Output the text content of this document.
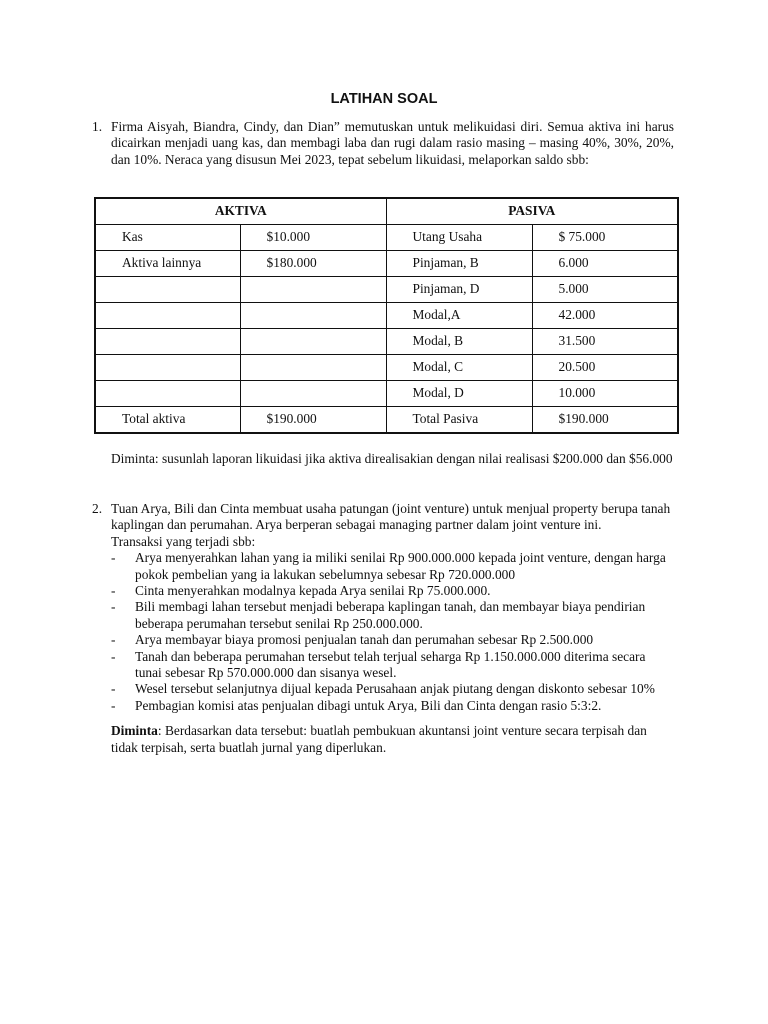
LATIHAN SOAL
1. Firma Aisyah, Biandra, Cindy, dan Dian” memutuskan untuk melikuidasi diri. Semua aktiva ini harus dicairkan menjadi uang kas, dan membagi laba dan rugi dalam rasio masing – masing 40%, 30%, 20%, dan 10%. Neraca yang disusun Mei 2023, tepat sebelum likuidasi, melaporkan saldo sbb:
AKTIVA		PASIVA	
Kas	$10.000	Utang Usaha	$ 75.000
Aktiva lainnya	$180.000	Pinjaman, B	6.000
		Pinjaman, D	5.000
		Modal,A	42.000
		Modal, B	31.500
		Modal, C	20.500
		Modal, D	10.000
Total aktiva	$190.000	Total Pasiva	$190.000
Diminta: susunlah laporan likuidasi jika aktiva direalisakian dengan nilai realisasi $200.000 dan $56.000
2. Tuan Arya, Bili dan Cinta membuat usaha patungan (joint venture) untuk menjual property berupa tanah kaplingan dan perumahan. Arya berperan sebagai managing partner dalam joint venture ini.
Transaksi yang terjadi sbb:
- Arya menyerahkan lahan yang ia miliki senilai Rp 900.000.000 kepada joint venture, dengan harga pokok pembelian yang ia lakukan sebelumnya sebesar Rp 720.000.000
- Cinta menyerahkan modalnya kepada Arya senilai Rp 75.000.000.
- Bili membagi lahan tersebut menjadi beberapa kaplingan tanah, dan membayar biaya pendirian beberapa perumahan tersebut senilai Rp 250.000.000.
- Arya membayar biaya promosi penjualan tanah dan perumahan sebesar Rp 2.500.000
- Tanah dan beberapa perumahan tersebut telah terjual seharga Rp 1.150.000.000 diterima secara tunai sebesar Rp 570.000.000 dan sisanya wesel.
- Wesel tersebut selanjutnya dijual kepada Perusahaan anjak piutang dengan diskonto sebesar 10%
- Pembagian komisi atas penjualan dibagi untuk Arya, Bili dan Cinta dengan rasio 5:3:2.
Diminta: Berdasarkan data tersebut: buatlah pembukuan akuntansi joint venture secara terpisah dan tidak terpisah, serta buatlah jurnal yang diperlukan.
